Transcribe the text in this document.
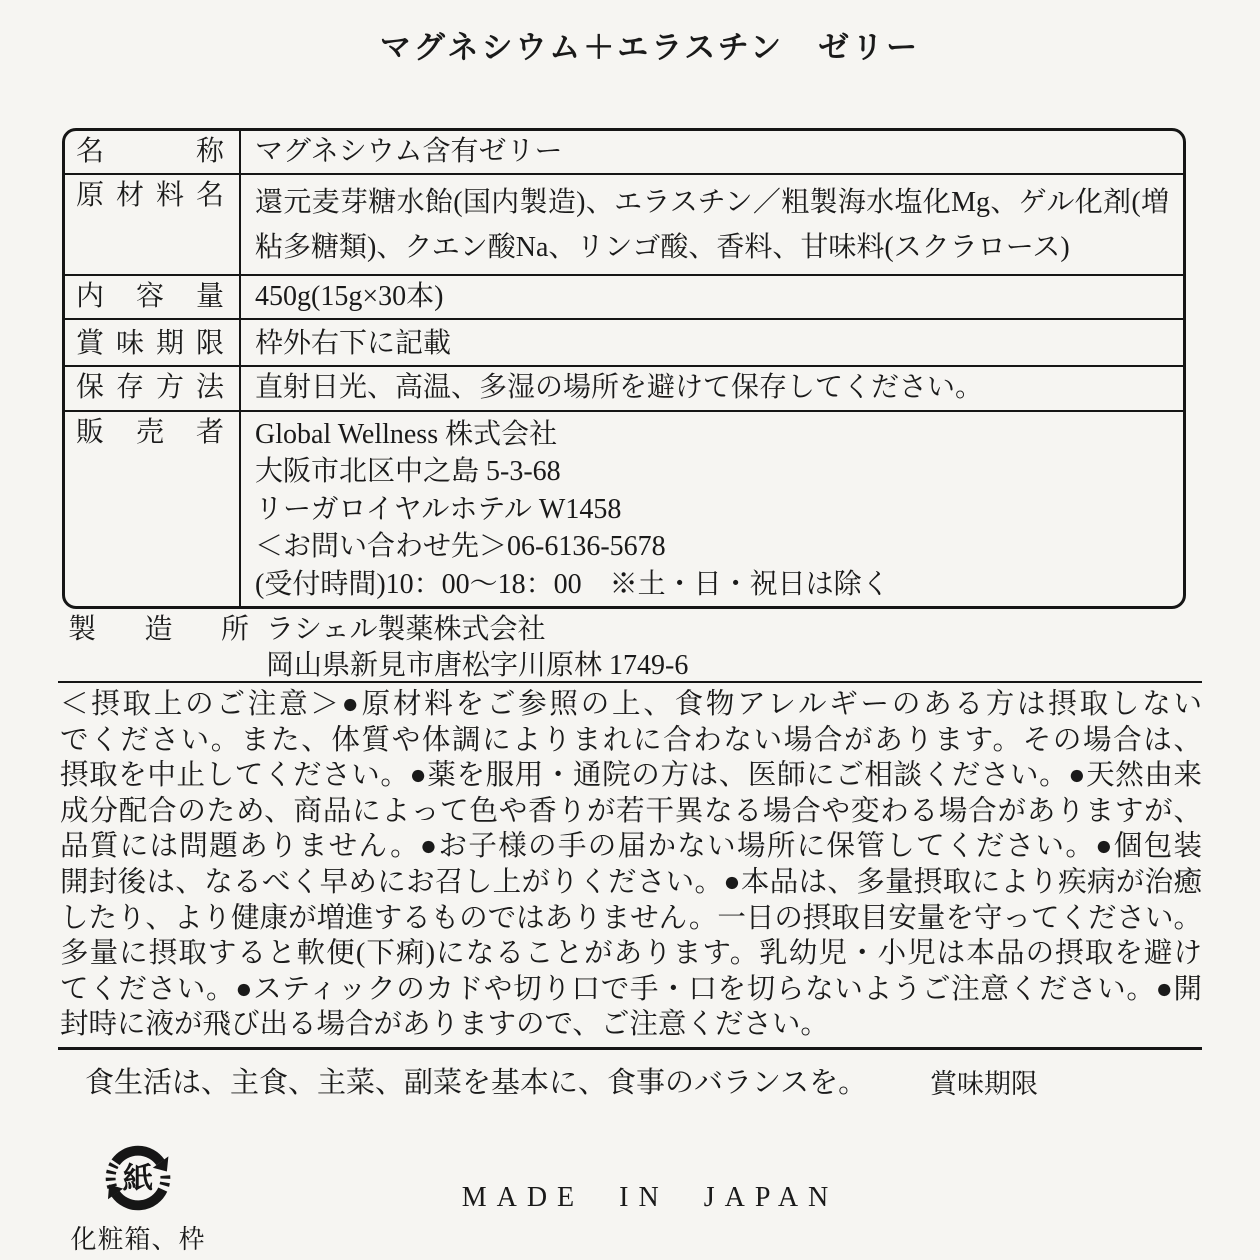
マグネシウム＋エラスチン　ゼリー
名称	マグネシウム含有ゼリー
原材料名	還元麦芽糖水飴(国内製造)、エラスチン／粗製海水塩化Mg、ゲル化剤(増
粘多糖類)、クエン酸Na、リンゴ酸、香料、甘味料(スクラロース)
内容量	450g(15g×30本)
賞味期限	枠外右下に記載
保存方法	直射日光、高温、多湿の場所を避けて保存してください。
販売者	Global Wellness 株式会社
大阪市北区中之島 5-3-68
リーガロイヤルホテル W1458
＜お問い合わせ先＞06-6136-5678
(受付時間)10：00～18：00　※土・日・祝日は除く
製造所 ラシェル製薬株式会社
岡山県新見市唐松字川原林 1749-6
＜摂取上のご注意＞●原材料をご参照の上、食物アレルギーのある方は摂取しない
でください。また、体質や体調によりまれに合わない場合があります。その場合は、
摂取を中止してください。●薬を服用・通院の方は、医師にご相談ください。●天然由来
成分配合のため、商品によって色や香りが若干異なる場合や変わる場合がありますが、
品質には問題ありません。●お子様の手の届かない場所に保管してください。●個包装
開封後は、なるべく早めにお召し上がりください。●本品は、多量摂取により疾病が治癒
したり、より健康が増進するものではありません。一日の摂取目安量を守ってください。
多量に摂取すると軟便(下痢)になることがあります。乳幼児・小児は本品の摂取を避け
てください。●スティックのカドや切り口で手・口を切らないようご注意ください。●開
封時に液が飛び出る場合がありますので、ご注意ください。
食生活は、主食、主菜、副菜を基本に、食事のバランスを。 賞味期限
紙
化粧箱、枠
MADE IN JAPAN
